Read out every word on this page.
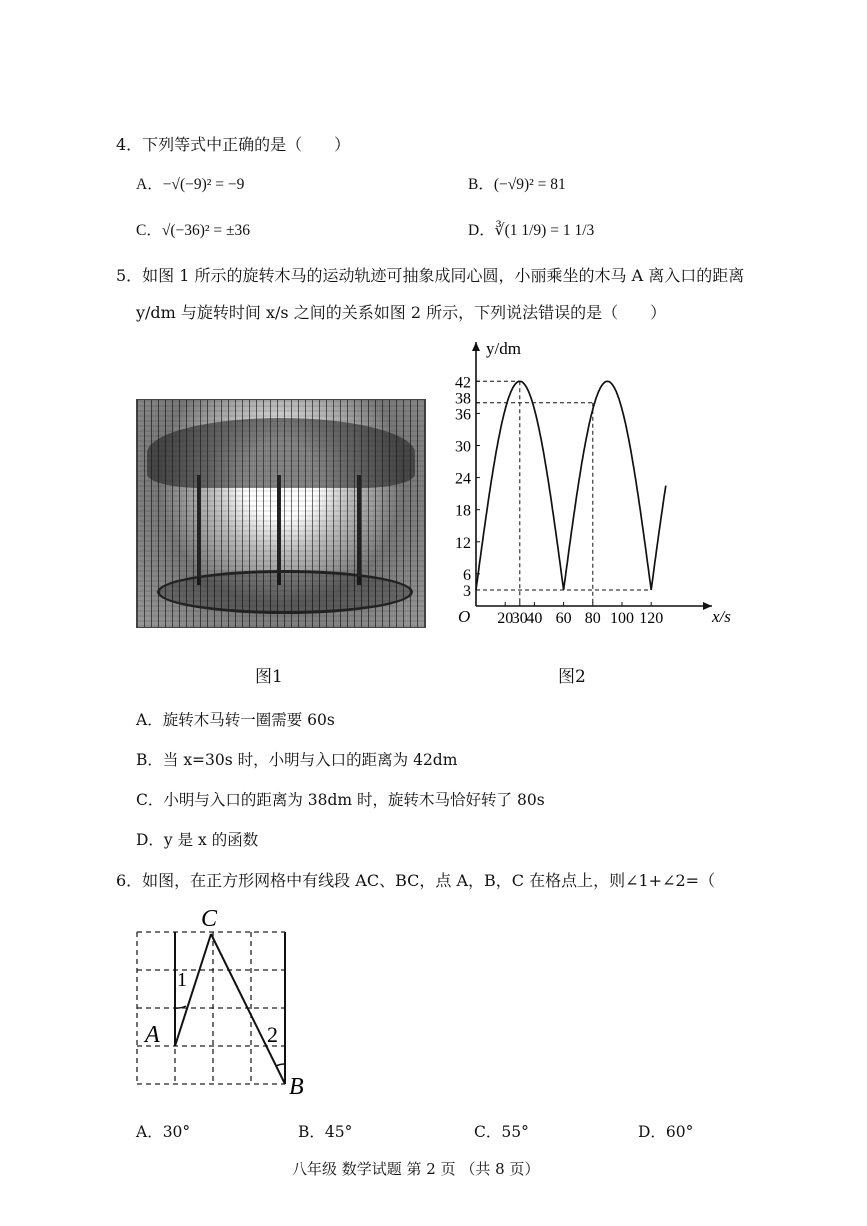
4．下列等式中正确的是（　　）
A．−√(−9)² = −9	B．(−√9)² = 81
C．√(−36)² = ±36	D．∛(1 1/9) = 1 1/3
5．如图 1 所示的旋转木马的运动轨迹可抽象成同心圆，小丽乘坐的木马 A 离入口的距离
y/dm 与旋转时间 x/s 之间的关系如图 2 所示，下列说法错误的是（　　）
y/dm
x/s
O
3
6
12
18
24
30
36
38
42
20
30
40 60 80 100 120
图1	图2
A．旋转木马转一圈需要 60s
B．当 x=30s 时，小明与入口的距离为 42dm
C．小明与入口的距离为 38dm 时，旋转木马恰好转了 80s
D．y 是 x 的函数
6．如图，在正方形网格中有线段 AC、BC，点 A，B，C 在格点上，则∠1+∠2=（
A
C
B
1
2
A．30°	B．45°	C．55°	D．60°
八年级 数学试题 第 2 页 （共 8 页）
